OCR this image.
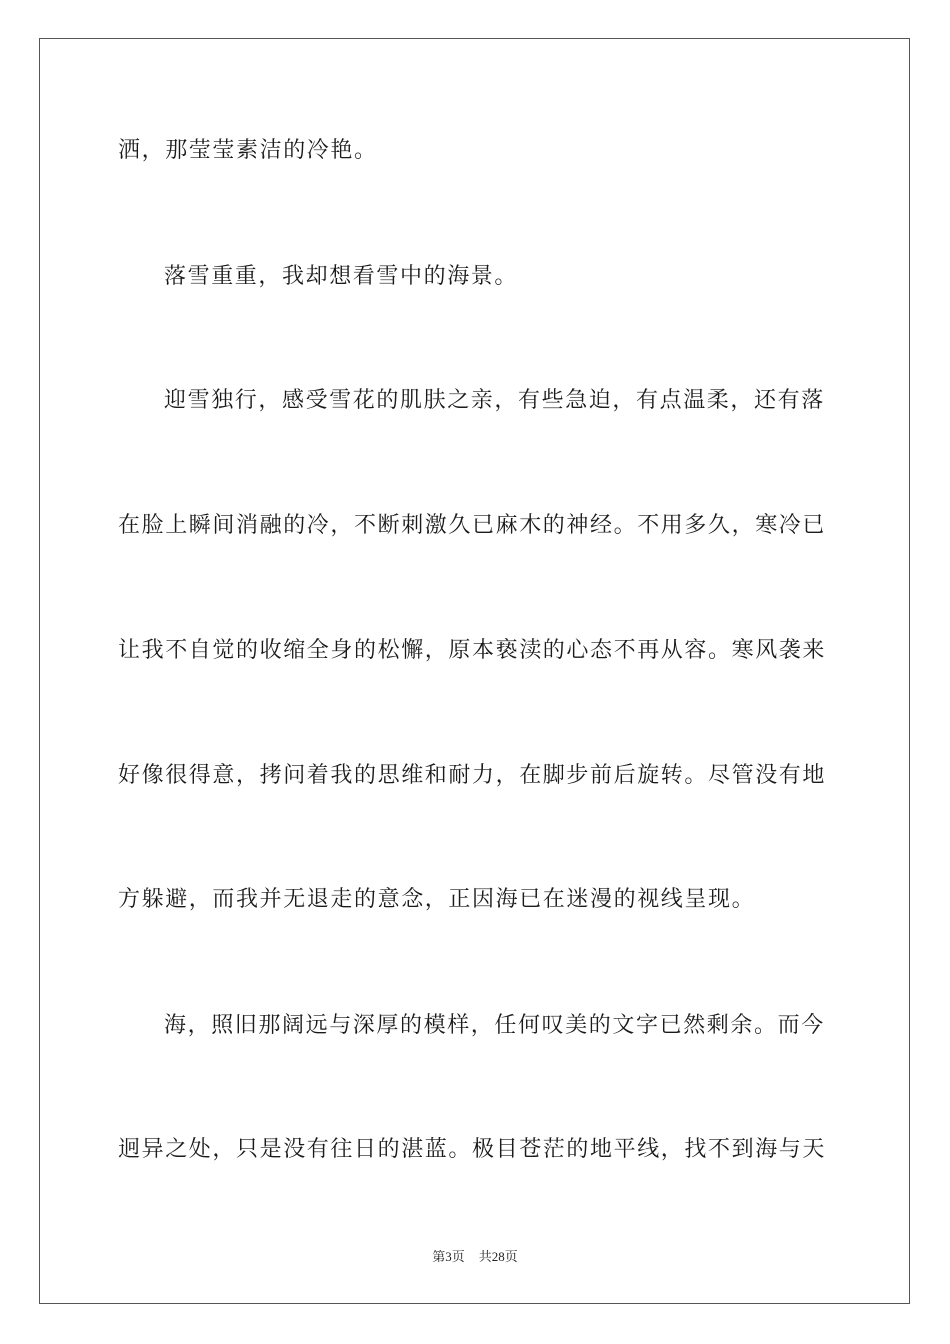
洒，那莹莹素洁的冷艳。
落雪重重，我却想看雪中的海景。
迎雪独行，感受雪花的肌肤之亲，有些急迫，有点温柔，还有落
在脸上瞬间消融的冷，不断刺激久已麻木的神经。不用多久，寒冷已
让我不自觉的收缩全身的松懈，原本亵渎的心态不再从容。寒风袭来
好像很得意，拷问着我的思维和耐力，在脚步前后旋转。尽管没有地
方躲避，而我并无退走的意念，正因海已在迷漫的视线呈现。
海，照旧那阔远与深厚的模样，任何叹美的文字已然剩余。而今
迥异之处，只是没有往日的湛蓝。极目苍茫的地平线，找不到海与天
第3页 共28页
